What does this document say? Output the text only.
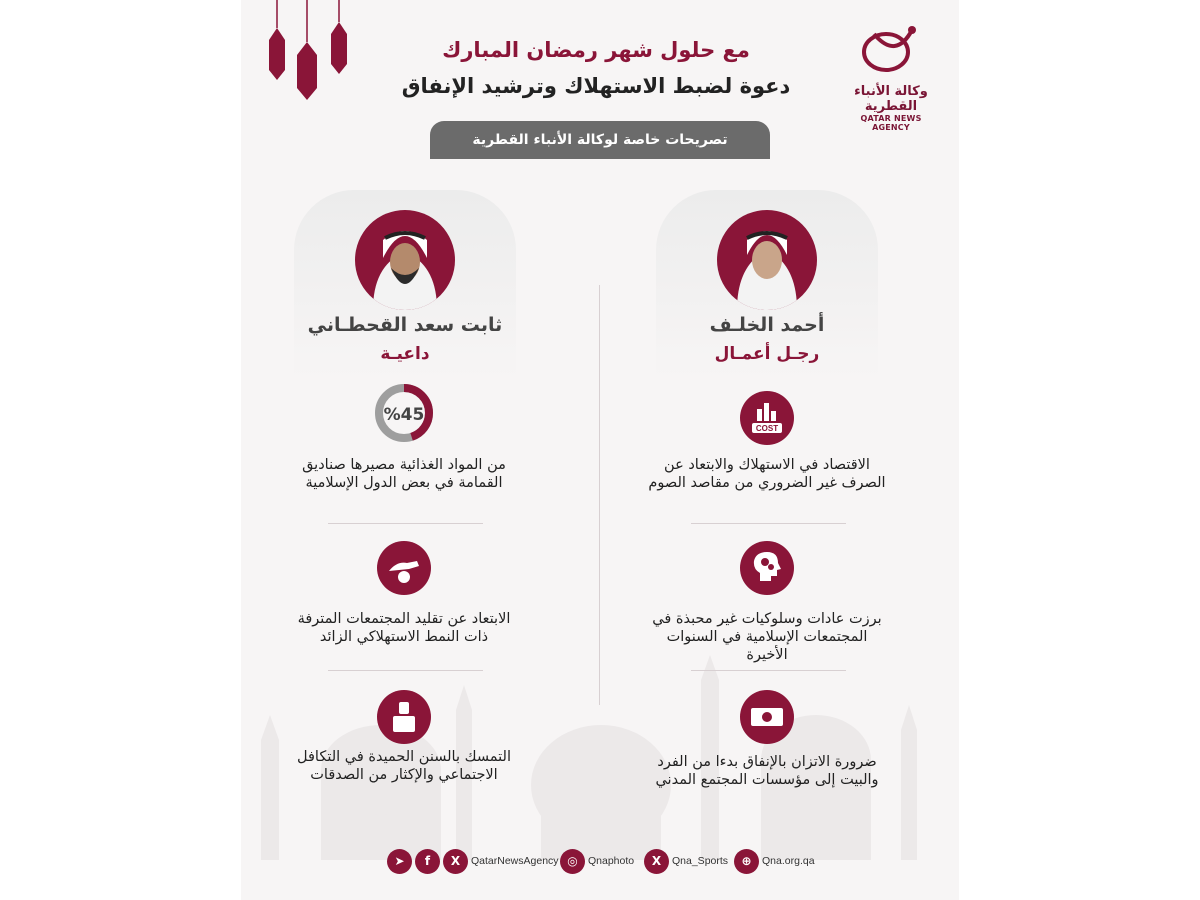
وكالة الأنباء القطرية
QATAR NEWS AGENCY
مع حلول شهر رمضان المبارك
دعوة لضبط الاستهلاك وترشيد الإنفاق
تصريحات خاصة لوكالة الأنباء القطرية
أحمد الخلـف
رجـل أعمـال
ثابت سعد القحطـاني
داعيـة
COST
الاقتصاد في الاستهلاك والابتعاد عن الصرف غير الضروري من مقاصد الصوم
برزت عادات وسلوكيات غير محبذة في المجتمعات الإسلامية في السنوات الأخيرة
ضرورة الاتزان بالإنفاق بدءا من الفرد والبيت إلى مؤسسات المجتمع المدني
%45
من المواد الغذائية مصيرها صناديق القمامة في بعض الدول الإسلامية
الابتعاد عن تقليد المجتمعات المترفة ذات النمط الاستهلاكي الزائد
التمسك بالسنن الحميدة في التكافل الاجتماعي والإكثار من الصدقات
➤	f	X	QatarNewsAgency ◎ Qnaphoto	X	Qna_Sports	⊕ Qna.org.qa
